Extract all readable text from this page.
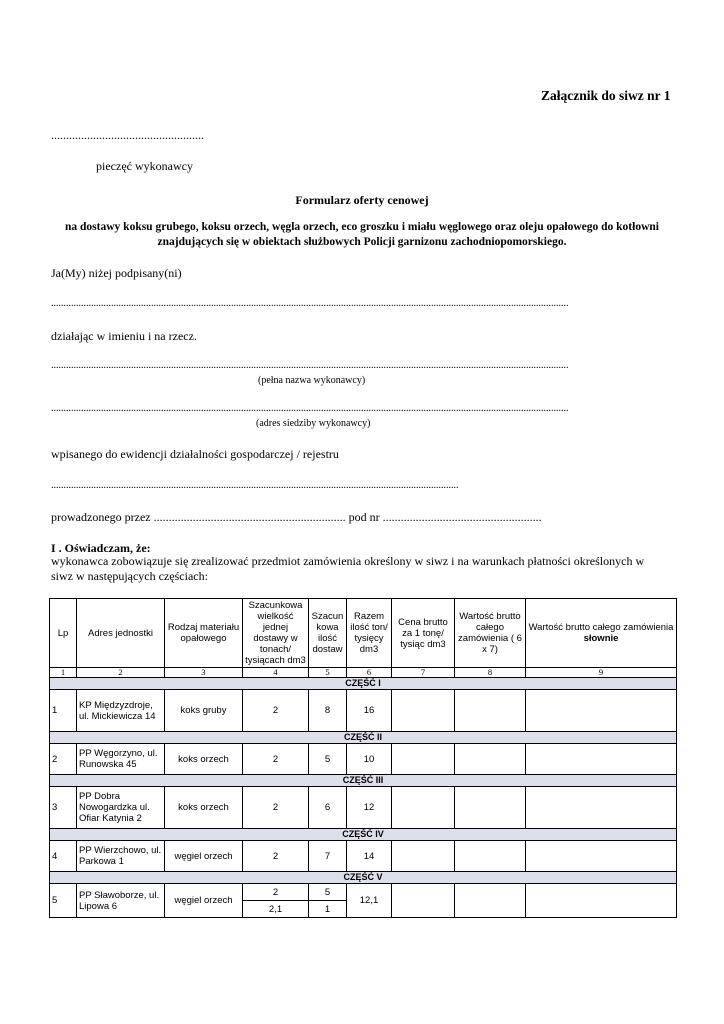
Załącznik do siwz nr 1
...................................................
pieczęć wykonawcy
Formularz oferty cenowej
na dostawy koksu grubego, koksu orzech, węgla orzech, eco groszku i miału węglowego oraz oleju opałowego do kotłowni znajdujących się w obiektach służbowych Policji garnizonu zachodniopomorskiego.
Ja(My) niżej podpisany(ni)
...............................................................................................................................................................................................................
działając w imieniu i na rzecz.
...............................................................................................................................................................................................................
(pełna nazwa wykonawcy)
...............................................................................................................................................................................................................
(adres siedziby wykonawcy)
wpisanego do ewidencji działalności gospodarczej / rejestru
...................................................................................................................................................................
prowadzonego przez ................................................................ pod nr .....................................................
I . Oświadczam, że:
wykonawca zobowiązuje się zrealizować przedmiot zamówienia określony w siwz i na warunkach płatności określonych w siwz w następujących częściach:
Lp	Adres jednostki	Rodzaj materiału opałowego	Szacunkowa wielkość jednej dostawy w tonach/ tysiącach dm3	Szacun kowa ilość dostaw	Razem ilość ton/ tysięcy dm3	Cena brutto za 1 tonę/ tysiąc dm3	Wartość brutto całego zamówienia ( 6 x 7)	Wartość brutto całego zamówienia słownie
1	2	3	4	5	6	7	8	9
CZĘŚĆ I								
1	KP Międzyzdroje, ul. Mickiewicza 14	koks gruby	2	8	16			
CZĘŚĆ II								
2	PP Węgorzyno, ul. Runowska 45	koks orzech	2	5	10			
CZĘŚĆ III								
3	PP Dobra Nowogardzka ul. Ofiar Katynia 2	koks orzech	2	6	12			
CZĘŚĆ IV								
4	PP Wierzchowo, ul. Parkowa 1	węgiel orzech	2	7	14			
CZĘŚĆ V								
5	PP Sławoborze, ul. Lipowa 6	węgiel orzech	2	5	12,1			
			2,1	1				
